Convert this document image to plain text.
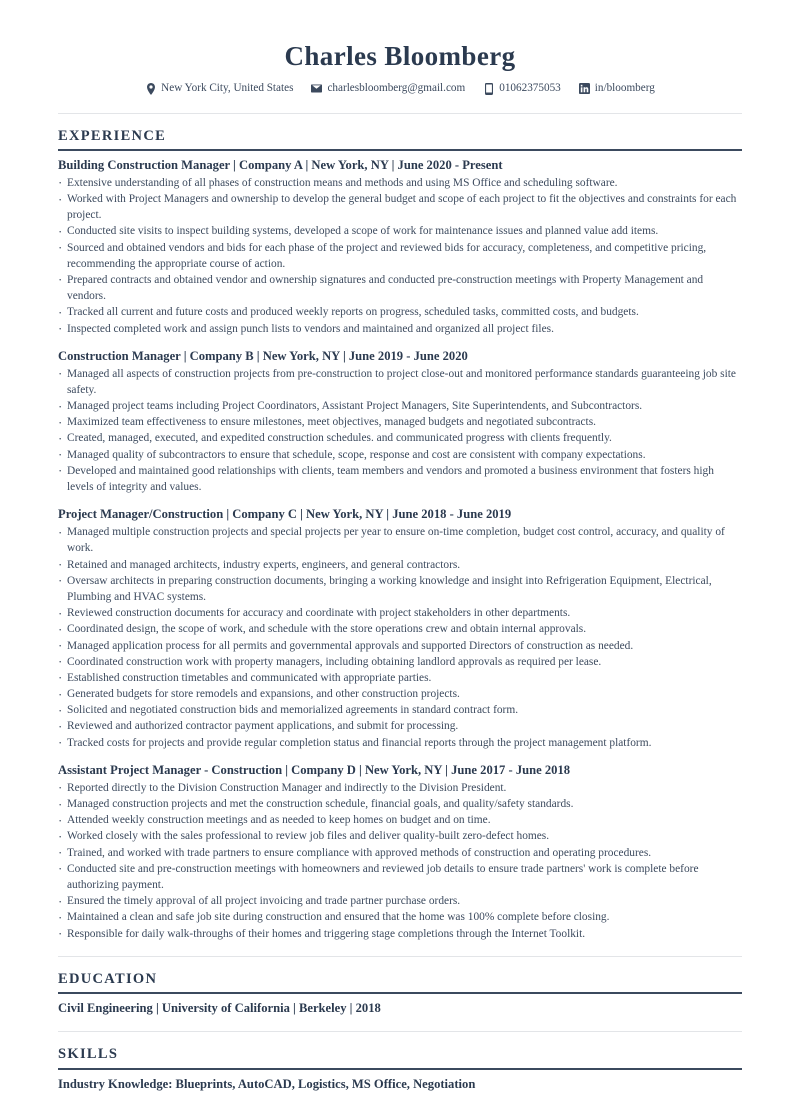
Charles Bloomberg
New York City, United States	charlesbloomberg@gmail.com	01062375053	in/bloomberg
EXPERIENCE
Building Construction Manager | Company A | New York, NY | June 2020 - Present
· Extensive understanding of all phases of construction means and methods and using MS Office and scheduling software.
· Worked with Project Managers and ownership to develop the general budget and scope of each project to fit the objectives and constraints for each project.
· Conducted site visits to inspect building systems, developed a scope of work for maintenance issues and planned value add items.
· Sourced and obtained vendors and bids for each phase of the project and reviewed bids for accuracy, completeness, and competitive pricing, recommending the appropriate course of action.
· Prepared contracts and obtained vendor and ownership signatures and conducted pre-construction meetings with Property Management and vendors.
· Tracked all current and future costs and produced weekly reports on progress, scheduled tasks, committed costs, and budgets.
· Inspected completed work and assign punch lists to vendors and maintained and organized all project files.
Construction Manager | Company B | New York, NY | June 2019 - June 2020
· Managed all aspects of construction projects from pre-construction to project close-out and monitored performance standards guaranteeing job site safety.
· Managed project teams including Project Coordinators, Assistant Project Managers, Site Superintendents, and Subcontractors.
· Maximized team effectiveness to ensure milestones, meet objectives, managed budgets and negotiated subcontracts.
· Created, managed, executed, and expedited construction schedules. and communicated progress with clients frequently.
· Managed quality of subcontractors to ensure that schedule, scope, response and cost are consistent with company expectations.
· Developed and maintained good relationships with clients, team members and vendors and promoted a business environment that fosters high levels of integrity and values.
Project Manager/Construction | Company C | New York, NY | June 2018 - June 2019
· Managed multiple construction projects and special projects per year to ensure on-time completion, budget cost control, accuracy, and quality of work.
· Retained and managed architects, industry experts, engineers, and general contractors.
· Oversaw architects in preparing construction documents, bringing a working knowledge and insight into Refrigeration Equipment, Electrical, Plumbing and HVAC systems.
· Reviewed construction documents for accuracy and coordinate with project stakeholders in other departments.
· Coordinated design, the scope of work, and schedule with the store operations crew and obtain internal approvals.
· Managed application process for all permits and governmental approvals and supported Directors of construction as needed.
· Coordinated construction work with property managers, including obtaining landlord approvals as required per lease.
· Established construction timetables and communicated with appropriate parties.
· Generated budgets for store remodels and expansions, and other construction projects.
· Solicited and negotiated construction bids and memorialized agreements in standard contract form.
· Reviewed and authorized contractor payment applications, and submit for processing.
· Tracked costs for projects and provide regular completion status and financial reports through the project management platform.
Assistant Project Manager - Construction | Company D | New York, NY | June 2017 - June 2018
· Reported directly to the Division Construction Manager and indirectly to the Division President.
· Managed construction projects and met the construction schedule, financial goals, and quality/safety standards.
· Attended weekly construction meetings and as needed to keep homes on budget and on time.
· Worked closely with the sales professional to review job files and deliver quality-built zero-defect homes.
· Trained, and worked with trade partners to ensure compliance with approved methods of construction and operating procedures.
· Conducted site and pre-construction meetings with homeowners and reviewed job details to ensure trade partners' work is complete before authorizing payment.
· Ensured the timely approval of all project invoicing and trade partner purchase orders.
· Maintained a clean and safe job site during construction and ensured that the home was 100% complete before closing.
· Responsible for daily walk-throughs of their homes and triggering stage completions through the Internet Toolkit.
EDUCATION
Civil Engineering | University of California | Berkeley | 2018
SKILLS
Industry Knowledge: Blueprints, AutoCAD, Logistics, MS Office, Negotiation
